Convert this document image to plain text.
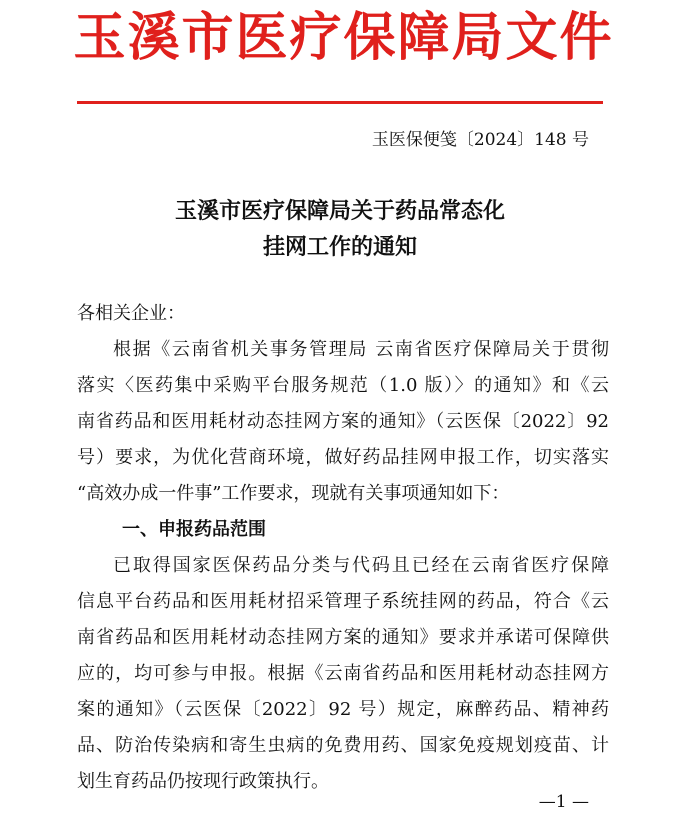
玉溪市医疗保障局文件
玉医保便笺〔2024〕148 号
玉溪市医疗保障局关于药品常态化
挂网工作的通知
各相关企业：
根据《云南省机关事务管理局 云南省医疗保障局关于贯彻
落实〈医药集中采购平台服务规范（1.0 版）〉的通知》和《云
南省药品和医用耗材动态挂网方案的通知》（云医保〔2022〕92
号）要求，为优化营商环境，做好药品挂网申报工作，切实落实
“高效办成一件事”工作要求，现就有关事项通知如下：
一、申报药品范围
已取得国家医保药品分类与代码且已经在云南省医疗保障
信息平台药品和医用耗材招采管理子系统挂网的药品，符合《云
南省药品和医用耗材动态挂网方案的通知》要求并承诺可保障供
应的，均可参与申报。根据《云南省药品和医用耗材动态挂网方
案的通知》（云医保〔2022〕92 号）规定，麻醉药品、精神药
品、防治传染病和寄生虫病的免费用药、国家免疫规划疫苗、计
划生育药品仍按现行政策执行。
—1 —
